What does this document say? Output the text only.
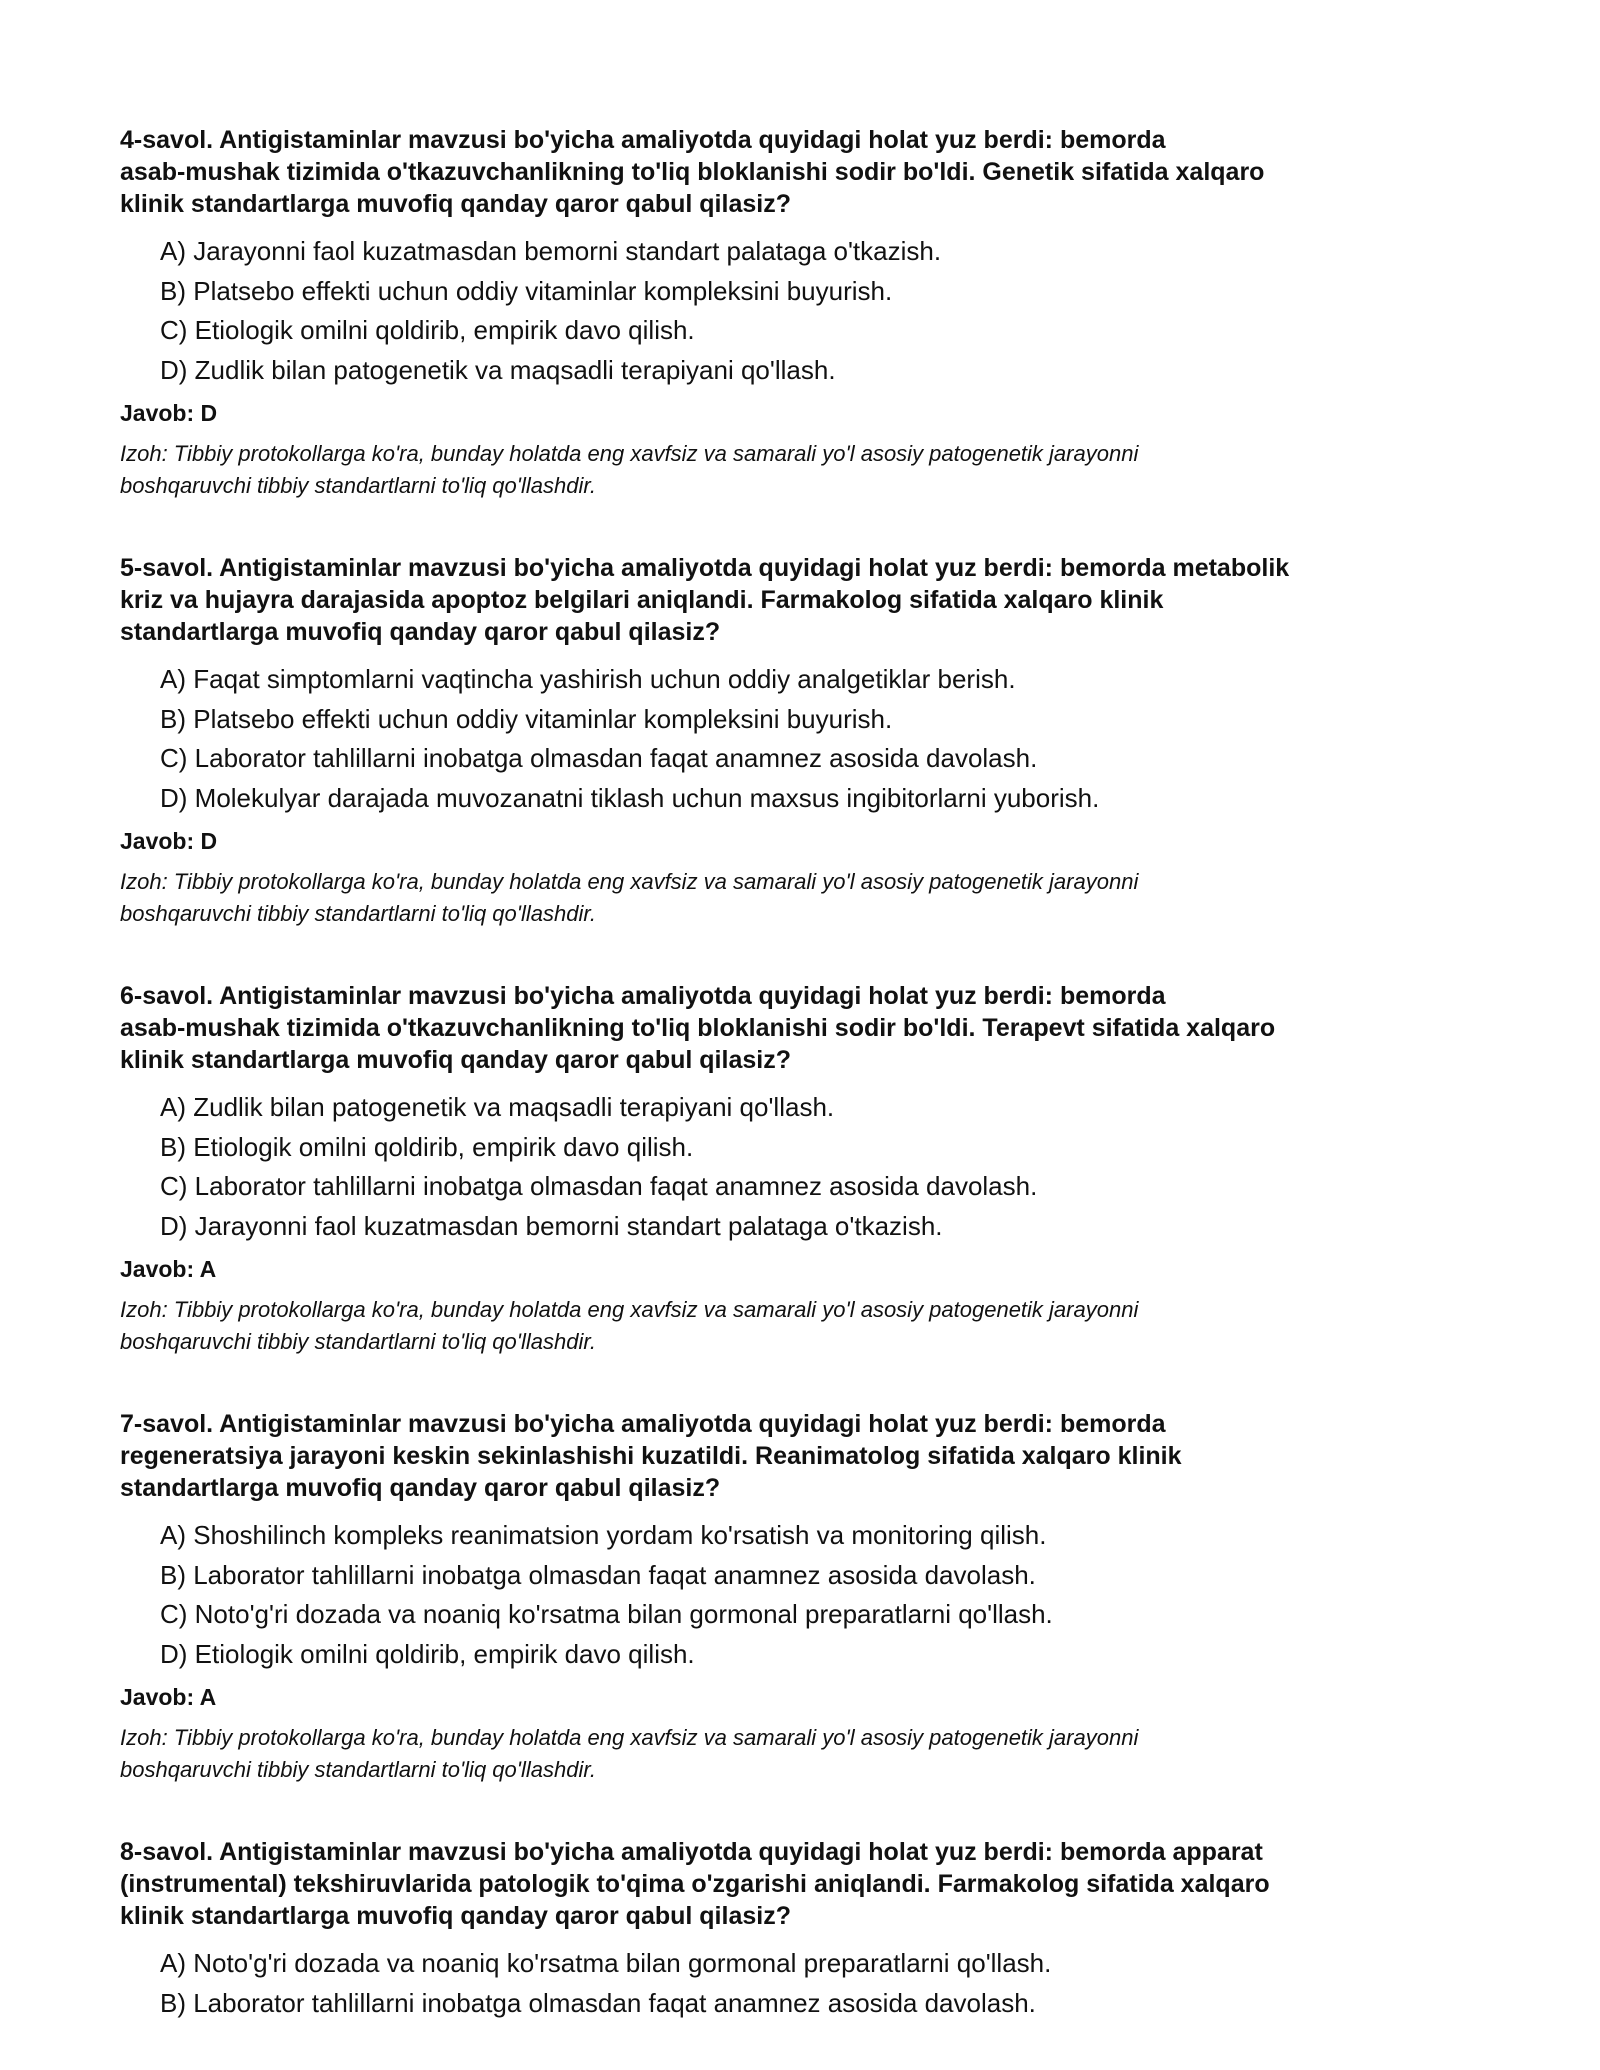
4-savol. Antigistaminlar mavzusi bo'yicha amaliyotda quyidagi holat yuz berdi: bemorda
asab-mushak tizimida o'tkazuvchanlikning to'liq bloklanishi sodir bo'ldi. Genetik sifatida xalqaro
klinik standartlarga muvofiq qanday qaror qabul qilasiz?

A) Jarayonni faol kuzatmasdan bemorni standart palataga o'tkazish.
B) Platsebo effekti uchun oddiy vitaminlar kompleksini buyurish.
C) Etiologik omilni qoldirib, empirik davo qilish.
D) Zudlik bilan patogenetik va maqsadli terapiyani qo'llash.
Javob: D
Izoh: Tibbiy protokollarga ko'ra, bunday holatda eng xavfsiz va samarali yo'l asosiy patogenetik jarayonni
boshqaruvchi tibbiy standartlarni to'liq qo'llashdir.

5-savol. Antigistaminlar mavzusi bo'yicha amaliyotda quyidagi holat yuz berdi: bemorda metabolik
kriz va hujayra darajasida apoptoz belgilari aniqlandi. Farmakolog sifatida xalqaro klinik
standartlarga muvofiq qanday qaror qabul qilasiz?

A) Faqat simptomlarni vaqtincha yashirish uchun oddiy analgetiklar berish.
B) Platsebo effekti uchun oddiy vitaminlar kompleksini buyurish.
C) Laborator tahlillarni inobatga olmasdan faqat anamnez asosida davolash.
D) Molekulyar darajada muvozanatni tiklash uchun maxsus ingibitorlarni yuborish.
Javob: D
Izoh: Tibbiy protokollarga ko'ra, bunday holatda eng xavfsiz va samarali yo'l asosiy patogenetik jarayonni
boshqaruvchi tibbiy standartlarni to'liq qo'llashdir.

6-savol. Antigistaminlar mavzusi bo'yicha amaliyotda quyidagi holat yuz berdi: bemorda
asab-mushak tizimida o'tkazuvchanlikning to'liq bloklanishi sodir bo'ldi. Terapevt sifatida xalqaro
klinik standartlarga muvofiq qanday qaror qabul qilasiz?

A) Zudlik bilan patogenetik va maqsadli terapiyani qo'llash.
B) Etiologik omilni qoldirib, empirik davo qilish.
C) Laborator tahlillarni inobatga olmasdan faqat anamnez asosida davolash.
D) Jarayonni faol kuzatmasdan bemorni standart palataga o'tkazish.
Javob: A
Izoh: Tibbiy protokollarga ko'ra, bunday holatda eng xavfsiz va samarali yo'l asosiy patogenetik jarayonni
boshqaruvchi tibbiy standartlarni to'liq qo'llashdir.

7-savol. Antigistaminlar mavzusi bo'yicha amaliyotda quyidagi holat yuz berdi: bemorda
regeneratsiya jarayoni keskin sekinlashishi kuzatildi. Reanimatolog sifatida xalqaro klinik
standartlarga muvofiq qanday qaror qabul qilasiz?

A) Shoshilinch kompleks reanimatsion yordam ko'rsatish va monitoring qilish.
B) Laborator tahlillarni inobatga olmasdan faqat anamnez asosida davolash.
C) Noto'g'ri dozada va noaniq ko'rsatma bilan gormonal preparatlarni qo'llash.
D) Etiologik omilni qoldirib, empirik davo qilish.
Javob: A
Izoh: Tibbiy protokollarga ko'ra, bunday holatda eng xavfsiz va samarali yo'l asosiy patogenetik jarayonni
boshqaruvchi tibbiy standartlarni to'liq qo'llashdir.

8-savol. Antigistaminlar mavzusi bo'yicha amaliyotda quyidagi holat yuz berdi: bemorda apparat
(instrumental) tekshiruvlarida patologik to'qima o'zgarishi aniqlandi. Farmakolog sifatida xalqaro
klinik standartlarga muvofiq qanday qaror qabul qilasiz?

A) Noto'g'ri dozada va noaniq ko'rsatma bilan gormonal preparatlarni qo'llash.
B) Laborator tahlillarni inobatga olmasdan faqat anamnez asosida davolash.
